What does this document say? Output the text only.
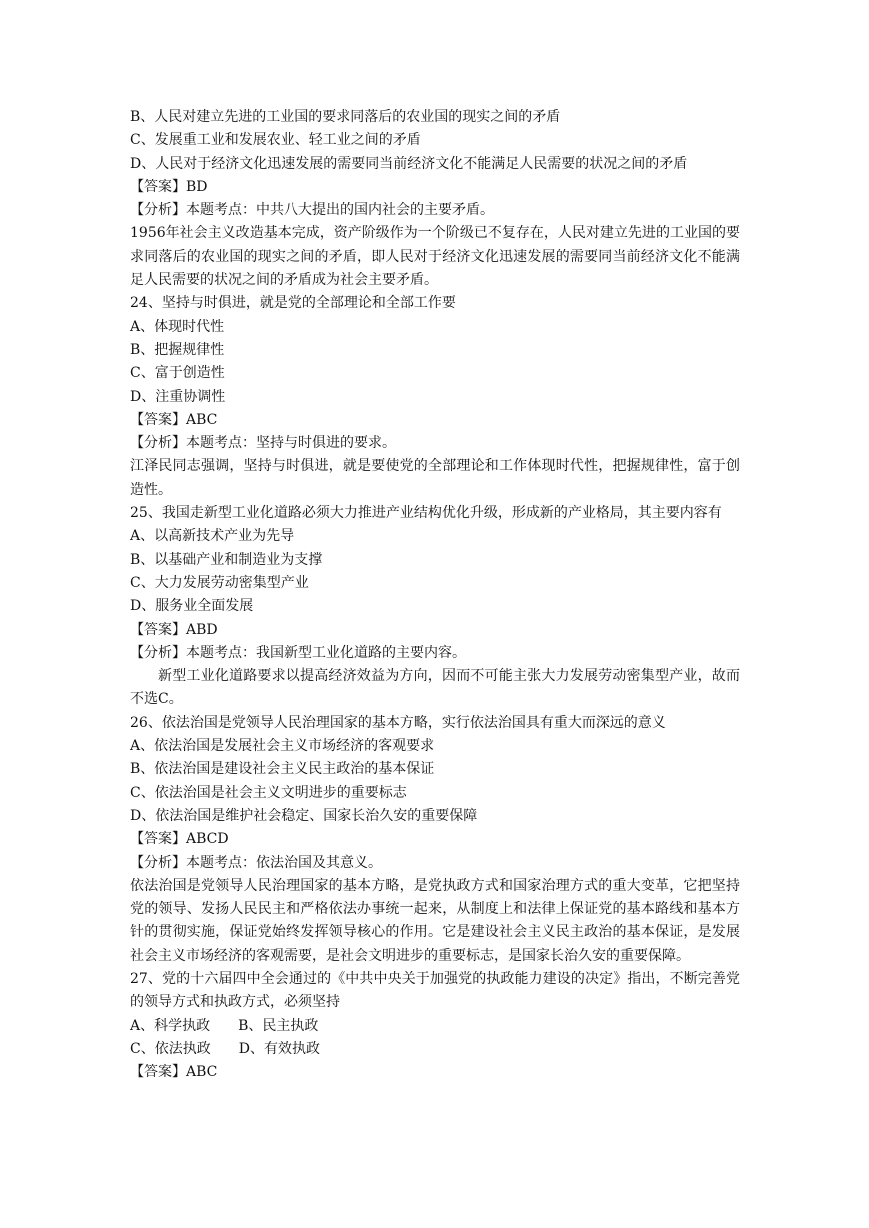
B、人民对建立先进的工业国的要求同落后的农业国的现实之间的矛盾
C、发展重工业和发展农业、轻工业之间的矛盾
D、人民对于经济文化迅速发展的需要同当前经济文化不能满足人民需要的状况之间的矛盾
【答案】BD
【分析】本题考点：中共八大提出的国内社会的主要矛盾。
1956年社会主义改造基本完成，资产阶级作为一个阶级已不复存在，人民对建立先进的工业国的要求同落后的农业国的现实之间的矛盾，即人民对于经济文化迅速发展的需要同当前经济文化不能满足人民需要的状况之间的矛盾成为社会主要矛盾。
24、坚持与时俱进，就是党的全部理论和全部工作要
A、体现时代性
B、把握规律性
C、富于创造性
D、注重协调性
【答案】ABC
【分析】本题考点：坚持与时俱进的要求。
江泽民同志强调，坚持与时俱进，就是要使党的全部理论和工作体现时代性，把握规律性，富于创造性。
25、我国走新型工业化道路必须大力推进产业结构优化升级，形成新的产业格局，其主要内容有
A、以高新技术产业为先导
B、以基础产业和制造业为支撑
C、大力发展劳动密集型产业
D、服务业全面发展
【答案】ABD
【分析】本题考点：我国新型工业化道路的主要内容。
新型工业化道路要求以提高经济效益为方向，因而不可能主张大力发展劳动密集型产业，故而不选C。
26、依法治国是党领导人民治理国家的基本方略，实行依法治国具有重大而深远的意义
A、依法治国是发展社会主义市场经济的客观要求
B、依法治国是建设社会主义民主政治的基本保证
C、依法治国是社会主义文明进步的重要标志
D、依法治国是维护社会稳定、国家长治久安的重要保障
【答案】ABCD
【分析】本题考点：依法治国及其意义。
依法治国是党领导人民治理国家的基本方略，是党执政方式和国家治理方式的重大变革，它把坚持党的领导、发扬人民民主和严格依法办事统一起来，从制度上和法律上保证党的基本路线和基本方针的贯彻实施，保证党始终发挥领导核心的作用。它是建设社会主义民主政治的基本保证，是发展社会主义市场经济的客观需要，是社会文明进步的重要标志，是国家长治久安的重要保障。
27、党的十六届四中全会通过的《中共中央关于加强党的执政能力建设的决定》指出，不断完善党的领导方式和执政方式，必须坚持
A、科学执政 B、民主执政
C、依法执政 D、有效执政
【答案】ABC
